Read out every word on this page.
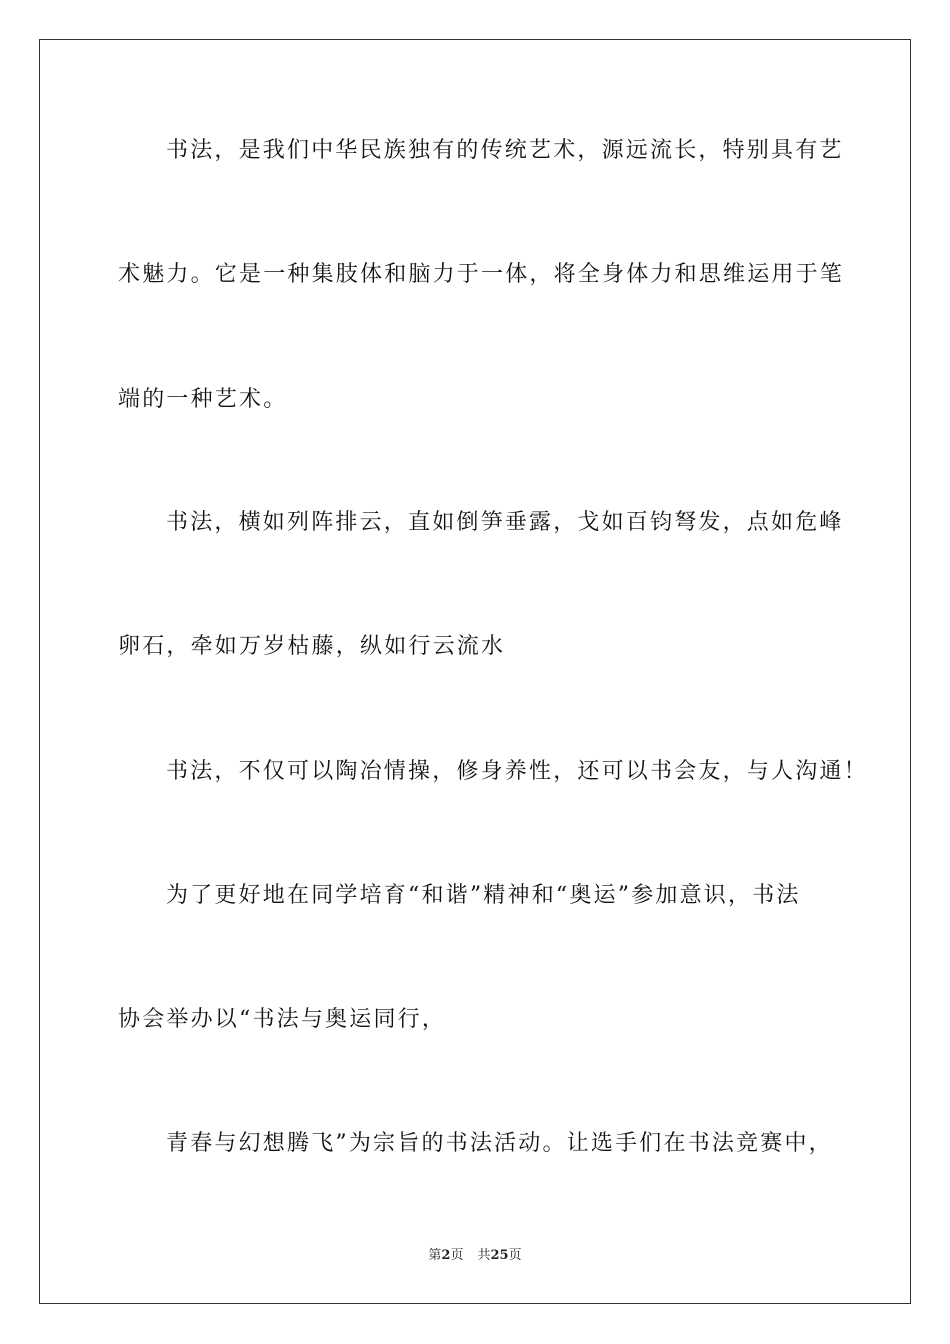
书法，是我们中华民族独有的传统艺术，源远流长，特别具有艺
术魅力。它是一种集肢体和脑力于一体，将全身体力和思维运用于笔
端的一种艺术。
书法，横如列阵排云，直如倒笋垂露，戈如百钧弩发，点如危峰
卵石，牵如万岁枯藤，纵如行云流水
书法，不仅可以陶冶情操，修身养性，还可以书会友，与人沟通！
为了更好地在同学培育“和谐”精神和“奥运”参加意识，书法
协会举办以“书法与奥运同行，
青春与幻想腾飞”为宗旨的书法活动。让选手们在书法竞赛中，
第2页 共25页
